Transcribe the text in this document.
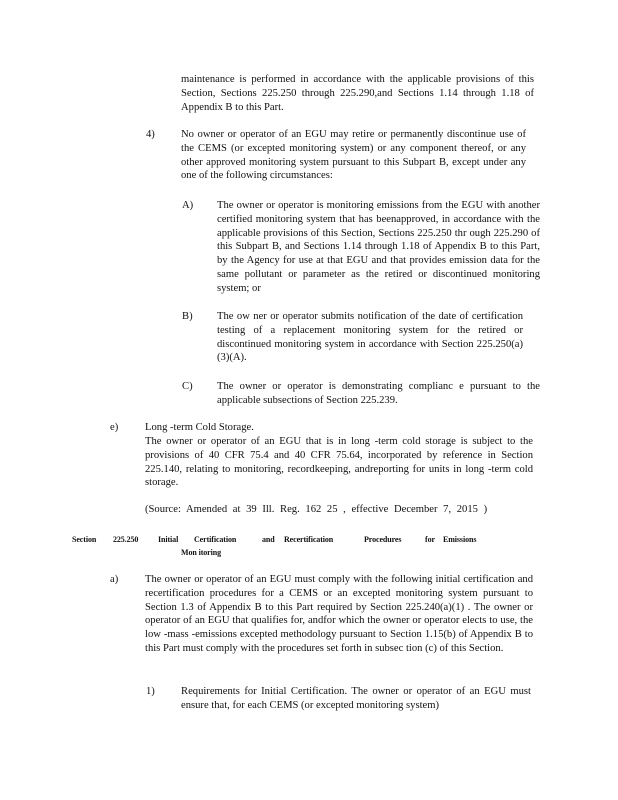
maintenance is performed in accordance with the applicable provisions of this Section, Sections 225.250 through 225.290,and Sections 1.14 through 1.18 of Appendix B to this Part.

4) No owner or operator of an EGU may retire or permanently discontinue use of the CEMS (or excepted monitoring system) or any component thereof, or any other approved monitoring system pursuant to this Subpart B, except under any one of the following circumstances:

A) The owner or operator is monitoring emissions from the EGU with another certified monitoring system that has beenapproved, in accordance with the applicable provisions of this Section, Sections 225.250 thr ough 225.290 of this Subpart B, and Sections 1.14 through 1.18 of Appendix B to this Part, by the Agency for use at that EGU and that provides emission data for the same pollutant or parameter as the retired or discontinued monitoring system; or

B) The ow ner or operator submits notification of the date of certification testing of a replacement monitoring system for the retired or discontinued monitoring system in accordance with Section 225.250(a)(3)(A).

C) The owner or operator is demonstrating complianc e pursuant to the applicable subsections of Section 225.239.

e)	Long -term Cold Storage.

The owner or operator of an EGU that is in long -term cold storage is subject to the provisions of 40 CFR 75.4 and 40 CFR 75.64, incorporated by reference in Section 225.140, relating to monitoring, recordkeeping, andreporting for units in long -term cold storage.

(Source: Amended at 39 Ill. Reg. 162 25 , effective December 7, 2015 )

Section 225.250 Initial Certification	and Recertification	Procedures	for Emissions
Mon itoring
a)	The owner or operator of an EGU must comply with the following initial certification and recertification procedures for a CEMS or an excepted monitoring system pursuant to Section 1.3 of Appendix B to this Part required by Section 225.240(a)(1) . The owner or operator of an EGU that qualifies for, andfor which the owner or operator elects to use, the low -mass -emissions excepted methodology pursuant to Section 1.15(b) of Appendix B to this Part must comply with the procedures set forth in subsec tion (c) of this Section.

1) Requirements for Initial Certification. The owner or operator of an EGU must ensure that, for each CEMS (or excepted monitoring system)
